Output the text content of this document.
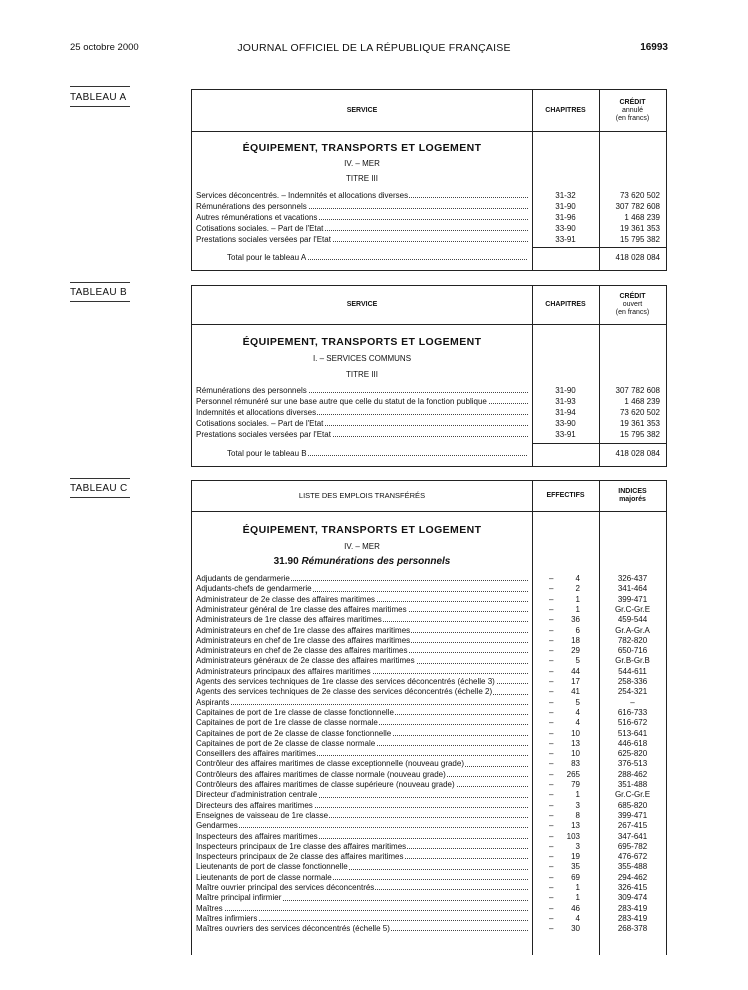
25 octobre 2000	JOURNAL OFFICIEL DE LA RÉPUBLIQUE FRANÇAISE	16993
TABLEAU A
SERVICE	CHAPITRES
CRÉDIT
annulé
(en francs)
ÉQUIPEMENT, TRANSPORTS ET LOGEMENT
IV. – MER
TITRE III
Total pour le tableau A	418 028 084
Services déconcentrés. – Indemnités et allocations diverses	31-32	73 620 502
Rémunérations des personnels	31-90	307 782 608
Autres rémunérations et vacations	31-96	1 468 239
Cotisations sociales. – Part de l'Etat	33-90	19 361 353
Prestations sociales versées par l'Etat	33-91	15 795 382
TABLEAU B
SERVICE	CHAPITRES
CRÉDIT
ouvert
(en francs)
ÉQUIPEMENT, TRANSPORTS ET LOGEMENT
I. – SERVICES COMMUNS
TITRE III
Total pour le tableau B	418 028 084
Rémunérations des personnels	31-90	307 782 608
Personnel rémunéré sur une base autre que celle du statut de la fonction publique	31-93	1 468 239
Indemnités et allocations diverses	31-94	73 620 502
Cotisations sociales. – Part de l'Etat	33-90	19 361 353
Prestations sociales versées par l'Etat	33-91	15 795 382
TABLEAU C
LISTE DES EMPLOIS TRANSFÉRÉS	EFFECTIFS
INDICES
majorés
ÉQUIPEMENT, TRANSPORTS ET LOGEMENT
IV. – MER
31.90 Rémunérations des personnels
Adjudants de gendarmerie	–	4	326-437
Adjudants-chefs de gendarmerie	–	2	341-464
Administrateur de 2e classe des affaires maritimes	–	1	399-471
Administrateur général de 1re classe des affaires maritimes	–	1	Gr.C-Gr.E
Administrateurs de 1re classe des affaires maritimes	– 36	459-544
Administrateurs en chef de 1re classe des affaires maritimes	–	6	Gr.A-Gr.A
Administrateurs en chef de 1re classe des affaires maritimes	– 18	782-820
Administrateurs en chef de 2e classe des affaires maritimes	– 29	650-716
Administrateurs généraux de 2e classe des affaires maritimes	–	5	Gr.B-Gr.B
Administrateurs principaux des affaires maritimes	– 44	544-611
Agents des services techniques de 1re classe des services déconcentrés (échelle 3)	– 17	258-336
Agents des services techniques de 2e classe des services déconcentrés (échelle 2)	– 41	254-321
Aspirants	–	5	–
Capitaines de port de 1re classe de classe fonctionnelle	–	4	616-733
Capitaines de port de 1re classe de classe normale	–	4	516-672
Capitaines de port de 2e classe de classe fonctionnelle	– 10	513-641
Capitaines de port de 2e classe de classe normale	– 13	446-618
Conseillers des affaires maritimes	– 10	625-820
Contrôleur des affaires maritimes de classe exceptionnelle (nouveau grade)	– 83	376-513
Contrôleurs des affaires maritimes de classe normale (nouveau grade)	– 265	288-462
Contrôleurs des affaires maritimes de classe supérieure (nouveau grade)	– 79	351-488
Directeur d'administration centrale	–	1	Gr.C-Gr.E
Directeurs des affaires maritimes	–	3	685-820
Enseignes de vaisseau de 1re classe	–	8	399-471
Gendarmes	– 13	267-415
Inspecteurs des affaires maritimes	– 103	347-641
Inspecteurs principaux de 1re classe des affaires maritimes	–	3	695-782
Inspecteurs principaux de 2e classe des affaires maritimes	– 19	476-672
Lieutenants de port de classe fonctionnelle	– 35	355-488
Lieutenants de port de classe normale	– 69	294-462
Maître ouvrier principal des services déconcentrés	–	1	326-415
Maître principal infirmier	–	1	309-474
Maîtres	– 46	283-419
Maîtres infirmiers	–	4	283-419
Maîtres ouvriers des services déconcentrés (échelle 5)	– 30	268-378
